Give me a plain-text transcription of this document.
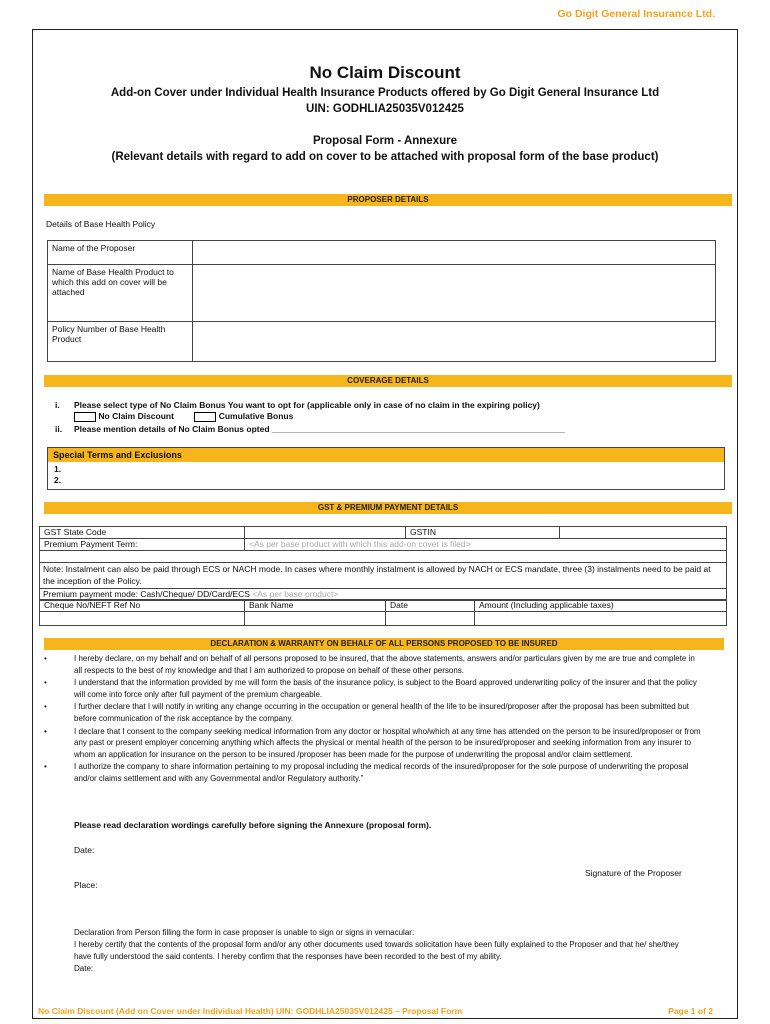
Go Digit General Insurance Ltd.
No Claim Discount
Add-on Cover under Individual Health Insurance Products offered by Go Digit General Insurance Ltd
UIN: GODHLIA25035V012425
Proposal Form - Annexure
(Relevant details with regard to add on cover to be attached with proposal form of the base product)
PROPOSER DETAILS
Details of Base Health Policy
Name of the Proposer	
Name of Base Health Product to which this add on cover will be attached	
Policy Number of Base Health Product	
COVERAGE DETAILS
i. Please select type of No Claim Bonus You want to opt for (applicable only in case of no claim in the expiring policy)
No Claim Discount	Cumulative Bonus
ii. Please mention details of No Claim Bonus opted ______________________________________________________________
Special Terms and Exclusions
1.
2.
GST & PREMIUM PAYMENT DETAILS
GST State Code		GSTIN	
Premium Payment Term:	<As per base product with which this add-on cover is filed>		

Note: Instalment can also be paid through ECS or NACH mode. In cases where monthly instalment is allowed by NACH or ECS mandate, three (3) instalments need to be paid at the inception of the Policy.			
Premium payment mode: Cash/Cheque/ DD/Card/ECS <As per base product>			
Cheque No/NEFT Ref No	Bank Name	Date	Amount (Including applicable taxes)

DECLARATION & WARRANTY ON BEHALF OF ALL PERSONS PROPOSED TO BE INSURED
•	I hereby declare, on my behalf and on behalf of all persons proposed to be insured, that the above statements, answers and/or particulars given by me are true and complete in all respects to the best of my knowledge and that I am authorized to propose on behalf of these other persons.
•	I understand that the information provided by me will form the basis of the insurance policy, is subject to the Board approved underwriting policy of the insurer and that the policy will come into force only after full payment of the premium chargeable.
•	I further declare that I will notify in writing any change occurring in the occupation or general health of the life to be insured/proposer after the proposal has been submitted but before communication of the risk acceptance by the company.
•	I declare that I consent to the company seeking medical information from any doctor or hospital who/which at any time has attended on the person to be insured/proposer or from any past or present employer concerning anything which affects the physical or mental health of the person to be insured/proposer and seeking information from any insurer to whom an application for insurance on the person to be insured /proposer has been made for the purpose of underwriting the proposal and/or claim settlement.
•	I authorize the company to share information pertaining to my proposal including the medical records of the insured/proposer for the sole purpose of underwriting the proposal and/or claims settlement and with any Governmental and/or Regulatory authority.”
Please read declaration wordings carefully before signing the Annexure (proposal form).
Date:
Signature of the Proposer
Place:
Declaration from Person filling the form in case proposer is unable to sign or signs in vernacular:
I hereby certify that the contents of the proposal form and/or any other documents used towards solicitation have been fully explained to the Proposer and that he/ she/they have fully understood the said contents. I hereby confirm that the responses have been recorded to the best of my ability.
Date:
No Claim Discount (Add on Cover under Individual Health) UIN: GODHLIA25035V012425 – Proposal Form	Page 1 of 2
